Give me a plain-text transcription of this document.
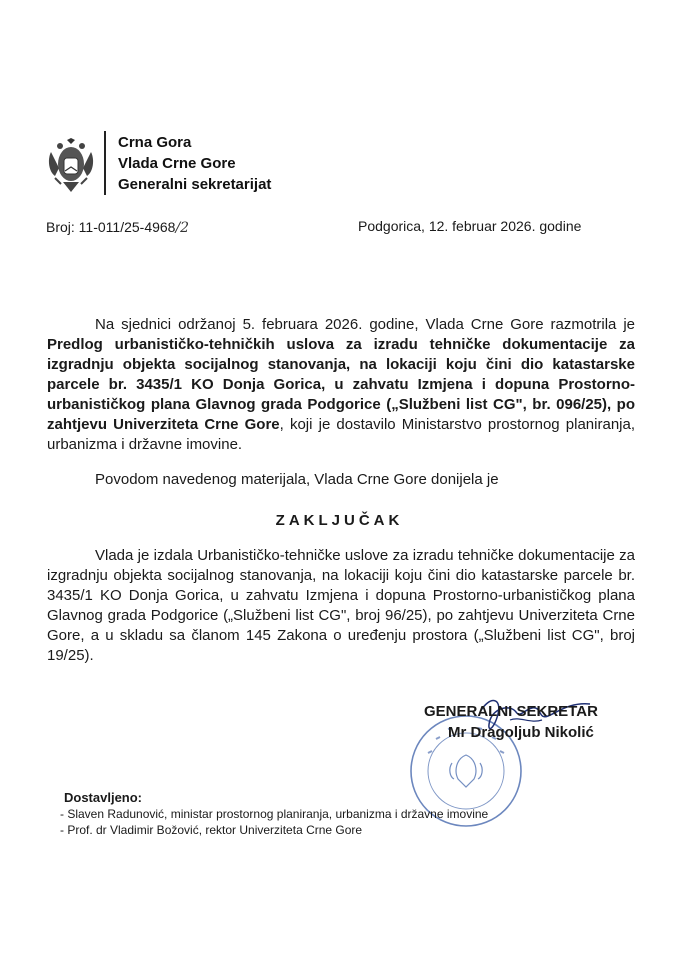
Crna Gora
Vlada Crne Gore
Generalni sekretarijat
Broj: 11-011/25-4968/2	Podgorica, 12. februar 2026. godine
Na sjednici održanoj 5. februara 2026. godine, Vlada Crne Gore razmotrila je Predlog urbanističko-tehničkih uslova za izradu tehničke dokumentacije za izgradnju objekta socijalnog stanovanja, na lokaciji koju čini dio katastarske parcele br. 3435/1 KO Donja Gorica, u zahvatu Izmjena i dopuna Prostorno-urbanističkog plana Glavnog grada Podgorice („Službeni list CG", br. 096/25), po zahtjevu Univerziteta Crne Gore, koji je dostavilo Ministarstvo prostornog planiranja, urbanizma i državne imovine.
Povodom navedenog materijala, Vlada Crne Gore donijela je
ZAKLJUČAK
Vlada je izdala Urbanističko-tehničke uslove za izradu tehničke dokumentacije za izgradnju objekta socijalnog stanovanja, na lokaciji koju čini dio katastarske parcele br. 3435/1 KO Donja Gorica, u zahvatu Izmjena i dopuna Prostorno-urbanističkog plana Glavnog grada Podgorice („Službeni list CG", broj 96/25), po zahtjevu Univerziteta Crne Gore, a u skladu sa članom 145 Zakona o uređenju prostora („Službeni list CG", broj 19/25).
GENERALNI SEKRETAR
Mr Dragoljub Nikolić
Dostavljeno:
- Slaven Radunović, ministar prostornog planiranja, urbanizma i državne imovine
- Prof. dr Vladimir Božović, rektor Univerziteta Crne Gore
